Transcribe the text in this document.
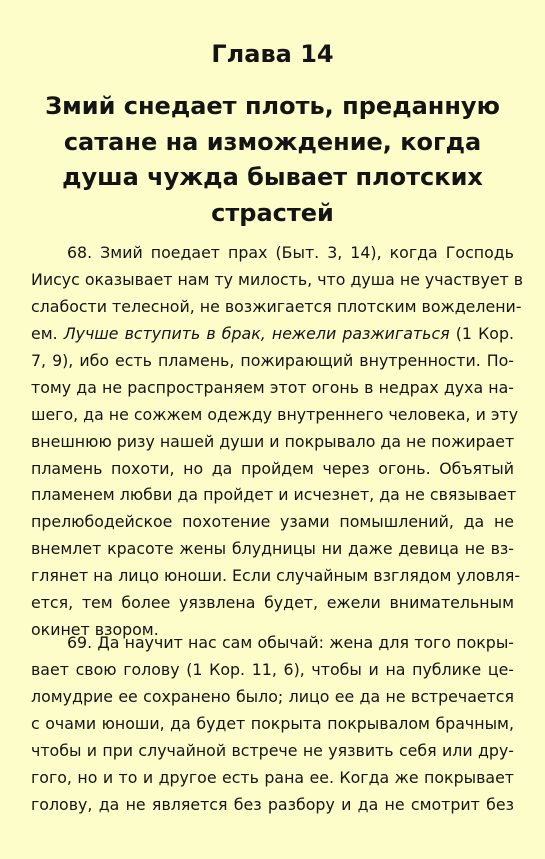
Глава 14
Змий снедает плоть, преданную
сатане на измождение, когда
душа чужда бывает плотских
страстей
68. Змий поедает прах (Быт. 3, 14), когда Господь
Иисус оказывает нам ту милость, что душа не участвует в
слабости телесной, не возжигается плотским вожделени-
ем. Лучше вступить в брак, нежели разжигаться (1 Кор.
7, 9), ибо есть пламень, пожирающий внутренности. По-
тому да не распространяем этот огонь в недрах духа на-
шего, да не сожжем одежду внутреннего человека, и эту
внешнюю ризу нашей души и покрывало да не пожирает
пламень похоти, но да пройдем через огонь. Объятый
пламенем любви да пройдет и исчезнет, да не связывает
прелюбодейское похотение узами помышлений, да не
внемлет красоте жены блудницы ни даже девица не вз-
глянет на лицо юноши. Если случайным взглядом уловля-
ется, тем более уязвлена будет, ежели внимательным
окинет взором.
69. Да научит нас сам обычай: жена для того покры-
вает свою голову (1 Кор. 11, 6), чтобы и на публике це-
ломудрие ее сохранено было; лицо ее да не встречается
с очами юноши, да будет покрыта покрывалом брачным,
чтобы и при случайной встрече не уязвить себя или дру-
гого, но и то и другое есть рана ее. Когда же покрывает
голову, да не является без разбору и да не смотрит без
